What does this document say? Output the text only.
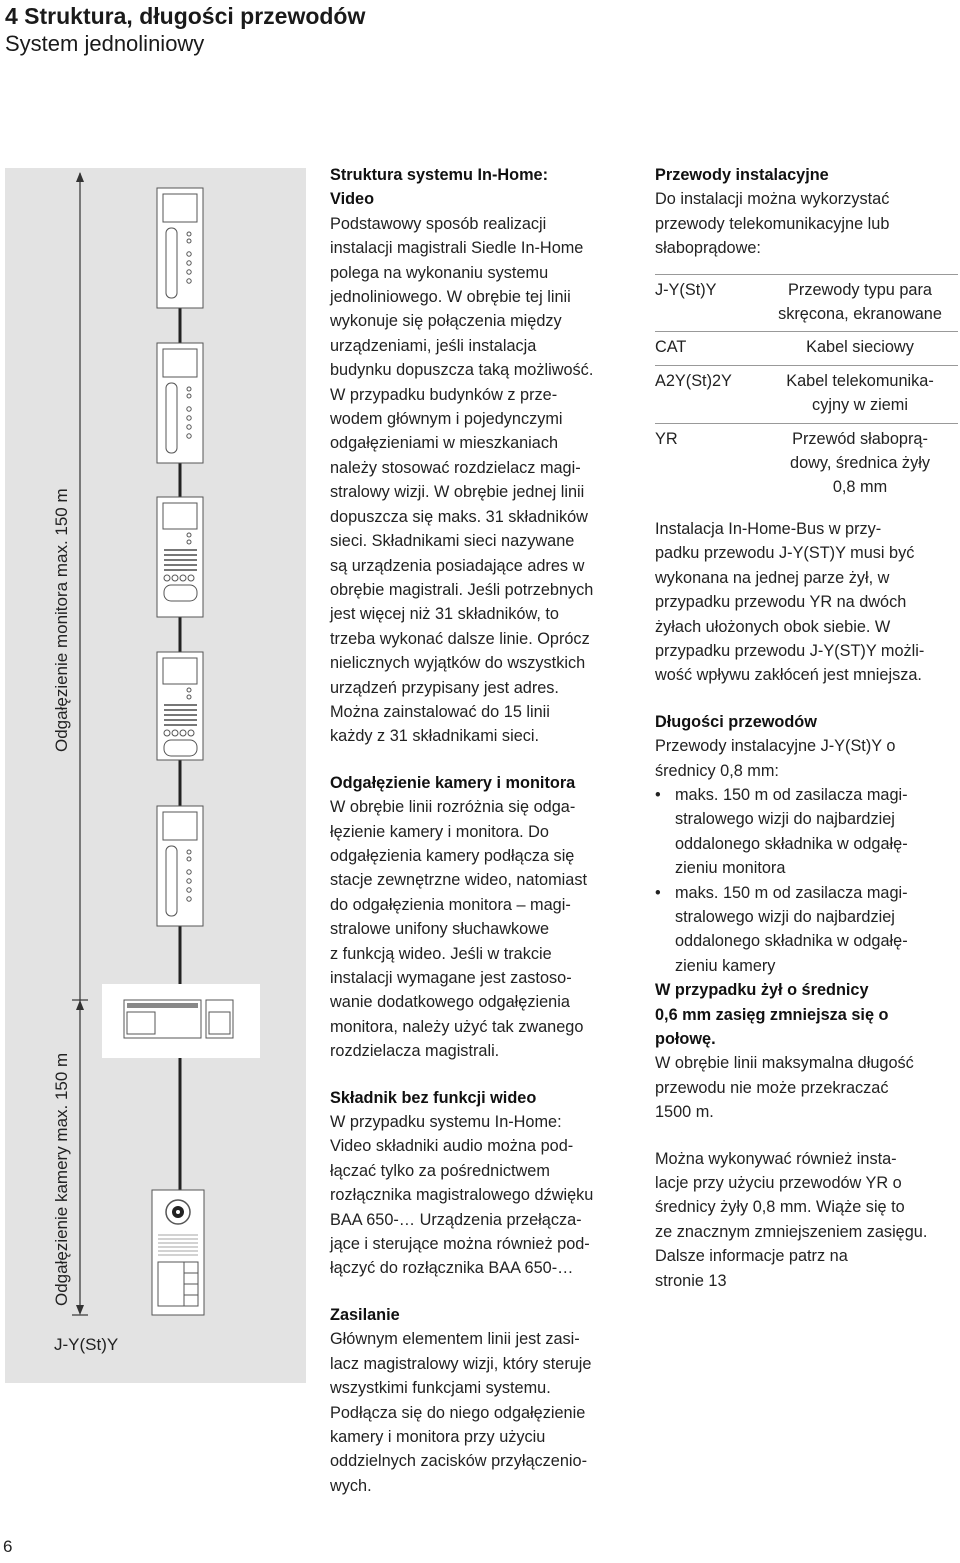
4 Struktura, długości przewodów
System jednoliniowy
Odgałęzienie monitora max. 150 m
Odgałęzienie kamery max. 150 m
J-Y(St)Y

Struktura systemu In-Home:
Video

Podstawowy sposób realizacji
instalacji magistrali Siedle In-Home
polega na wykonaniu systemu
jednoliniowego. W obrębie tej linii
wykonuje się połączenia między
urządzeniami, jeśli instalacja
budynku dopuszcza taką możliwość.
W przypadku budynków z prze-
wodem głównym i pojedynczymi
odgałęzieniami w mieszkaniach
należy stosować rozdzielacz magi-
stralowy wizji. W obrębie jednej linii
dopuszcza się maks. 31 składników
sieci. Składnikami sieci nazywane
są urządzenia posiadające adres w
obrębie magistrali. Jeśli potrzebnych
jest więcej niż 31 składników, to
trzeba wykonać dalsze linie. Oprócz
nielicznych wyjątków do wszystkich
urządzeń przypisany jest adres.
Można zainstalować do 15 linii
każdy z 31 składnikami sieci.

Odgałęzienie kamery i monitora

W obrębie linii rozróżnia się odga-
łęzienie kamery i monitora. Do
odgałęzienia kamery podłącza się
stacje zewnętrzne wideo, natomiast
do odgałęzienia monitora – magi-
stralowe unifony słuchawkowe
z funkcją wideo. Jeśli w trakcie
instalacji wymagane jest zastoso-
wanie dodatkowego odgałęzienia
monitora, należy użyć tak zwanego
rozdzielacza magistrali.

Składnik bez funkcji wideo

W przypadku systemu In-Home:
Video składniki audio można pod-
łączać tylko za pośrednictwem
rozłącznika magistralowego dźwięku
BAA 650-… Urządzenia przełącza-
jące i sterujące można również pod-
łączyć do rozłącznika BAA 650-…

Zasilanie

Głównym elementem linii jest zasi-
lacz magistralowy wizji, który steruje
wszystkimi funkcjami systemu.
Podłącza się do niego odgałęzienie
kamery i monitora przy użyciu
oddzielnych zacisków przyłączenio-
wych.

Przewody instalacyjne

Do instalacji można wykorzystać
przewody telekomunikacyjne lub
słaboprądowe:

J-Y(St)Y	Przewody typu para
skręcona, ekranowane
CAT	Kabel sieciowy
A2Y(St)2Y	Kabel telekomunika-
cyjny w ziemi
YR	Przewód słaboprą-
dowy, średnica żyły
0,8 mm

Instalacja In-Home-Bus w przy-
padku przewodu J-Y(ST)Y musi być
wykonana na jednej parze żył, w
przypadku przewodu YR na dwóch
żyłach ułożonych obok siebie. W
przypadku przewodu J-Y(ST)Y możli-
wość wpływu zakłóceń jest mniejsza.

Długości przewodów

Przewody instalacyjne J-Y(St)Y o
średnicy 0,8 mm:

• maks. 150 m od zasilacza magi-
stralowego wizji do najbardziej
oddalonego składnika w odgałę-
zieniu monitora
• maks. 150 m od zasilacza magi-
stralowego wizji do najbardziej
oddalonego składnika w odgałę-
zieniu kamery

W przypadku żył o średnicy
0,6 mm zasięg zmniejsza się o
połowę.

W obrębie linii maksymalna długość
przewodu nie może przekraczać
1500 m.

Można wykonywać również insta-
lacje przy użyciu przewodów YR o
średnicy żyły 0,8 mm. Wiąże się to
ze znacznym zmniejszeniem zasięgu.
Dalsze informacje patrz na
stronie 13

6
